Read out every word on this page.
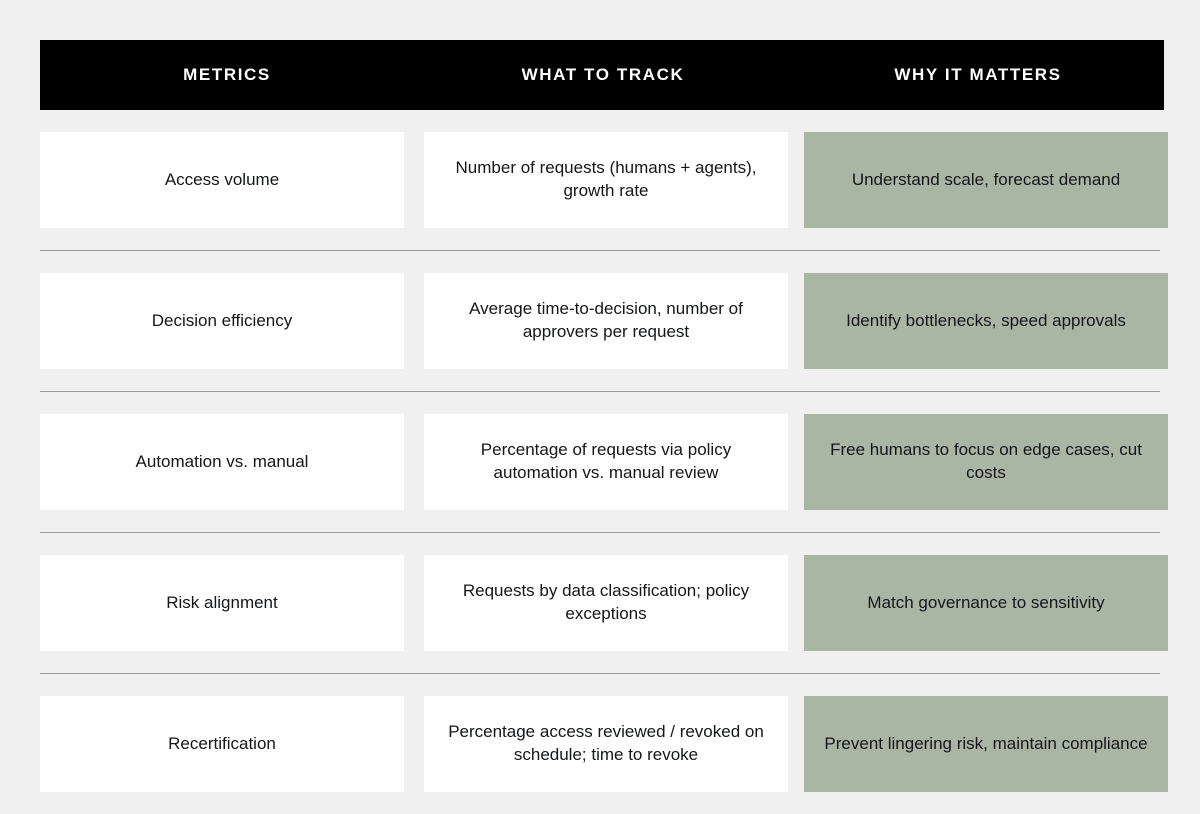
METRICS	WHAT TO TRACK	WHY IT MATTERS
Access volume
Number of requests (humans + agents), growth rate
Understand scale, forecast demand
Decision efficiency
Average time-to-decision, number of approvers per request
Identify bottlenecks, speed approvals
Automation vs. manual
Percentage of requests via policy automation vs. manual review
Free humans to focus on edge cases, cut costs
Risk alignment
Requests by data classification; policy exceptions
Match governance to sensitivity
Recertification
Percentage access reviewed / revoked on schedule; time to revoke
Prevent lingering risk, maintain compliance
